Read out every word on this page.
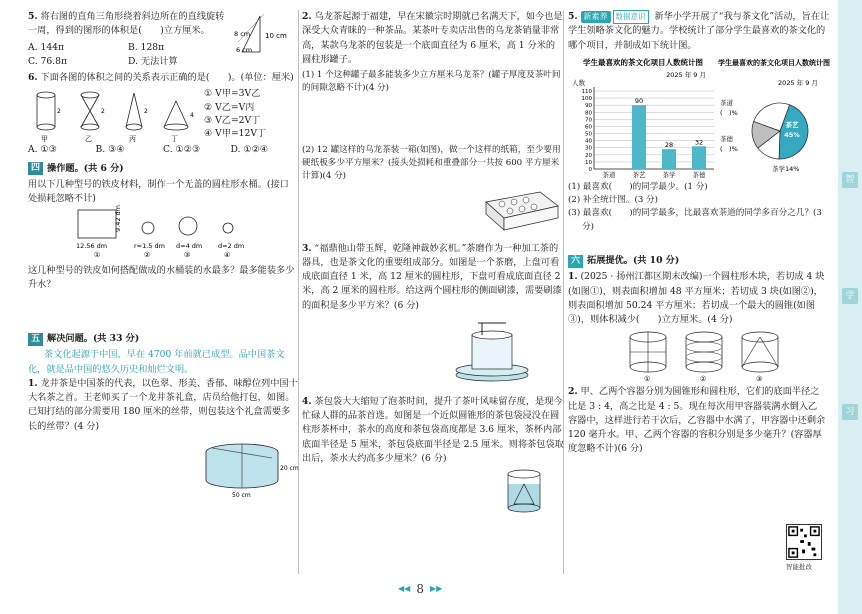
智
学
习
5. 将右图的直角三角形绕着斜边所在的直线旋转一周，得到的图形的体积是(　　)立方厘米。	8 cm
6 cm
10 cm
A. 144π	B. 128π
C. 76.8π	D. 无法计算
6. 下面各图的体积之间的关系表示正确的是(　　)。(单位：厘米)
甲
2
乙
2
丙
2
丁
4
① V甲=3V乙
② V乙=V丙
③ V乙=2V丁
④ V甲=12V丁
A. ①③	B. ③④	C. ①②③	D. ①②④
四 操作题。(共 6 分)
用以下几种型号的铁皮材料，制作一个无盖的圆柱形水桶。(接口处损耗忽略不计)
12.56 dm
9.42 dm
r=1.5 dm d=4 dm d=2 dm
①	②	③	④
这几种型号的铁皮如何搭配做成的水桶装的水最多？最多能装多少升水？
五 解决问题。(共 33 分)
茶文化起源于中国，早在 4700 年前就已成型。品中国茶文化，就是品中国的悠久历史和灿烂文明。
1. 龙井茶是中国茶的代表，以色翠、形美、香郁、味醇位列中国十大名茶之首。王老师买了一个龙井茶礼盒，店员给他打包，如图。已知打结的部分需要用 180 厘米的丝带，则包装这个礼盒需要多长的丝带？(4 分)
20 cm
50 cm
2. 乌龙茶起源于福建，早在宋徽宗时期就已名满天下，如今也是深受大众青睐的一种茶品。某茶叶专卖店出售的乌龙茶销量非常高，某款乌龙茶的包装是一个底面直径为 6 厘米，高 1 分米的圆柱形罐子。
(1) 1 个这种罐子最多能装多少立方厘米乌龙茶？(罐子厚度及茶叶间的间隙忽略不计)(4 分)
(2) 12 罐这样的乌龙茶装一箱(如图)，做一个这样的纸箱，至少要用硬纸板多少平方厘米？(接头处损耗和重叠部分一共按 600 平方厘米计算)(4 分)
3. “福鼎他山带玉辉，乾隆神裁妙玄机。”茶磨作为一种加工茶的器具，也是茶文化的重要组成部分。如图是一个茶磨，上盘可看成底面直径 1 米，高 12 厘米的圆柱形，下盘可看成底面直径 2 米，高 2 厘米的圆柱形。给这两个圆柱形的侧面刷漆，需要刷漆的面积是多少平方米？(6 分)
4. 茶包袋大大缩短了泡茶时间，提升了茶叶风味留存度，是现今忙碌人群的品茶首选。如图是一个近似圆锥形的茶包袋浸没在圆柱形茶杯中，茶水的高度和茶包袋高度都是 3.6 厘米，茶杯内部底面半径是 5 厘米，茶包袋底面半径是 2.5 厘米。则将茶包袋取出后，茶水大约高多少厘米？(6 分)
5. 新素养 数据意识 新华小学开展了“我与茶文化”活动，旨在让学生领略茶文化的魅力。学校统计了部分学生最喜欢的茶文化的哪个项目，并制成如下统计图。
学生最喜欢的茶文化项目人数统计图
2025 年 9 月
人数
0
10
20
30
40
50
60
70
80
90
100
110
茶道
90
茶艺
28
茶学
32
茶德
学生最喜欢的茶文化项目人数统计图
2025 年 9 月
茶艺
45%
茶学14%
茶德
(　)%
茶道
(　)%
(1) 最喜欢(　　)的同学最少。(1 分)
(2) 补全统计图。(3 分)
(3) 最喜欢(　　)的同学最多，比最喜欢茶道的同学多百分之几？(3 分)
六 拓展提优。(共 10 分)
1. (2025 · 扬州江都区期末改编)一个圆柱形木块，若切成 4 块(如图①)，则表面积增加 48 平方厘米；若切成 3 块(如图②)，则表面积增加 50.24 平方厘米；若切成一个最大的圆锥(如图③)，则体积减少(　　)立方厘米。(4 分)
①	②	③
2. 甲、乙两个容器分别为圆锥形和圆柱形，它们的底面半径之比是 3 : 4，高之比是 4 : 5。现在每次用甲容器装满水倒入乙容器中，这样进行若干次后，乙容器中水满了，甲容器中还剩余 120 毫升水。甲、乙两个容器的容积分别是多少毫升？(容器厚度忽略不计)(6 分)
智能批改
◀◀ 8 ▶▶
